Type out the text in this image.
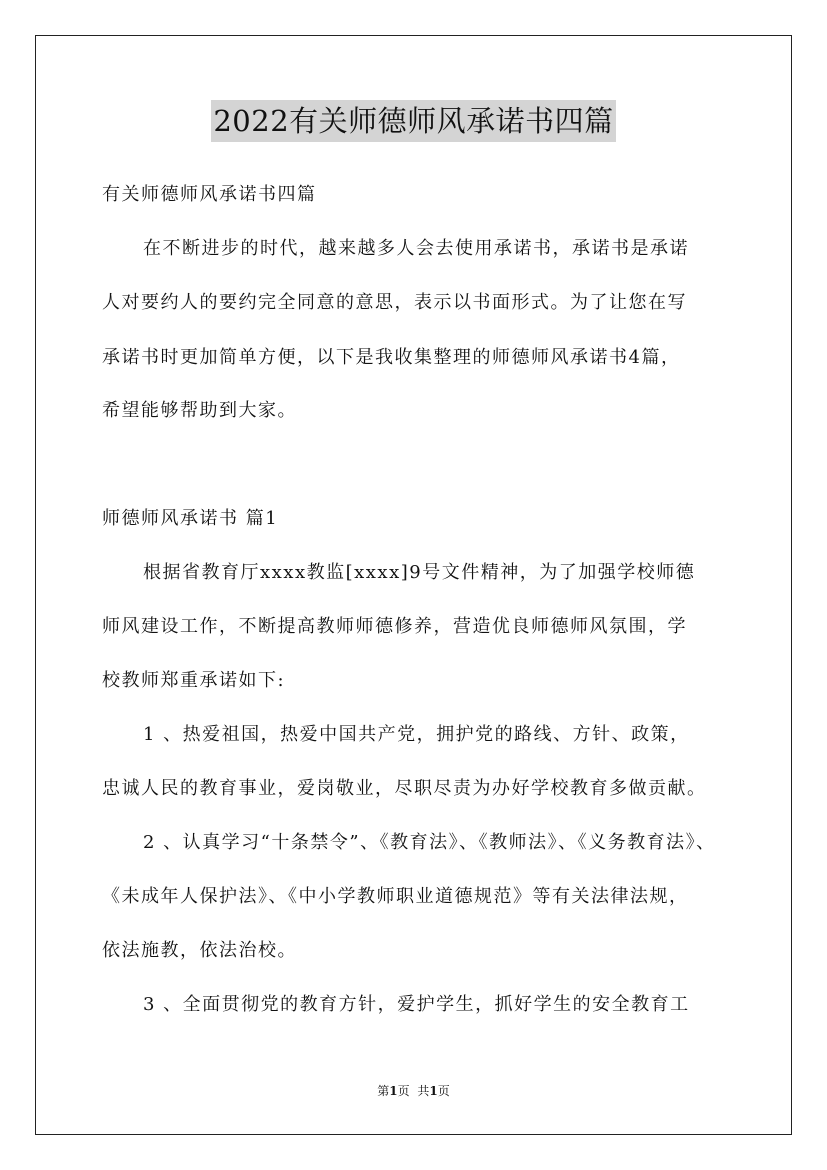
2022有关师德师风承诺书四篇
有关师德师风承诺书四篇
在不断进步的时代，越来越多人会去使用承诺书，承诺书是承诺
人对要约人的要约完全同意的意思，表示以书面形式。为了让您在写
承诺书时更加简单方便，以下是我收集整理的师德师风承诺书4篇，
希望能够帮助到大家。
师德师风承诺书 篇1
根据省教育厅xxxx教监[xxxx]9号文件精神，为了加强学校师德
师风建设工作，不断提高教师师德修养，营造优良师德师风氛围，学
校教师郑重承诺如下:
1 、热爱祖国，热爱中国共产党，拥护党的路线、方针、政策，
忠诚人民的教育事业，爱岗敬业，尽职尽责为办好学校教育多做贡献。
2 、认真学习“十条禁令”、《教育法》、《教师法》、《义务教育法》、
《未成年人保护法》、《中小学教师职业道德规范》等有关法律法规，
依法施教，依法治校。
3 、全面贯彻党的教育方针，爱护学生，抓好学生的安全教育工
第1页 共1页
